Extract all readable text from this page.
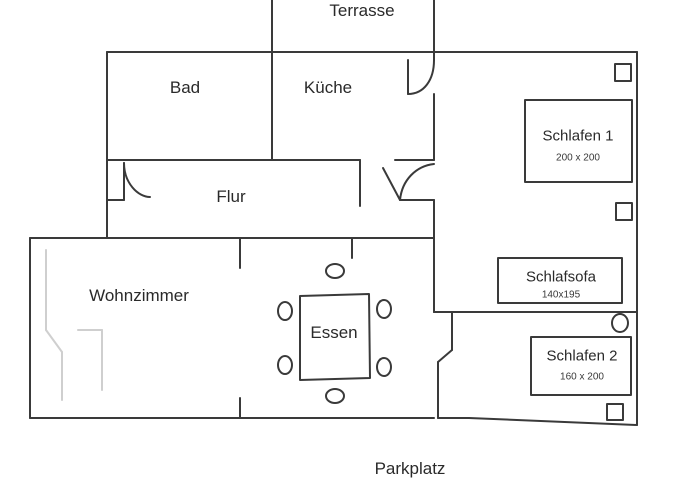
Terrasse
Bad	Küche
Flur
Wohnzimmer
Essen
Parkplatz
Schlafen 1
200 x 200
Schlafsofa
140x195
Schlafen 2
160 x 200
